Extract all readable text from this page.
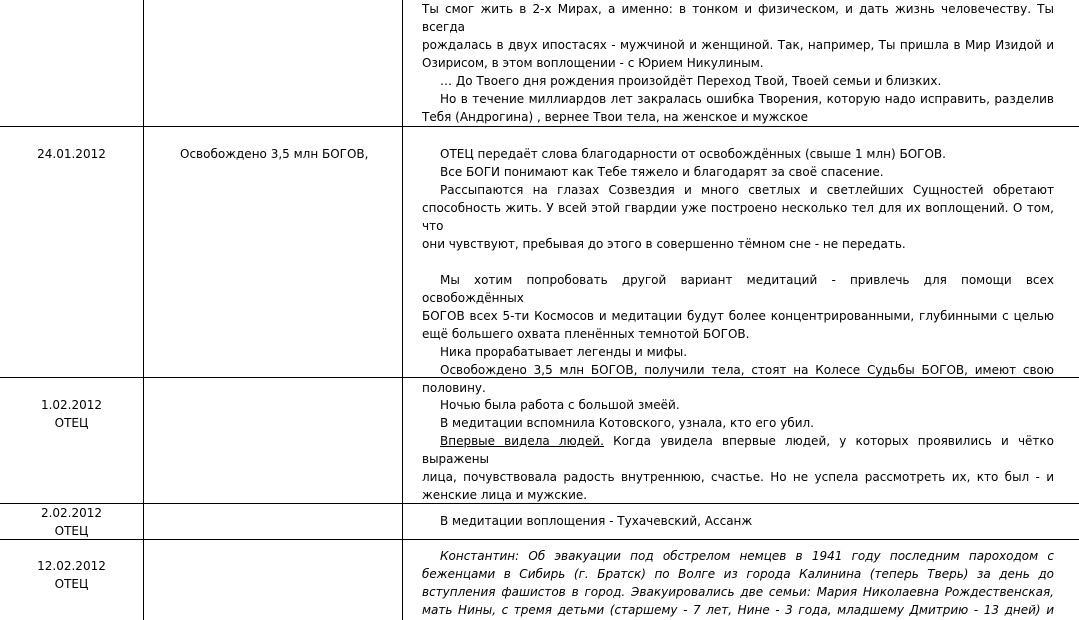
Ты смог жить в 2-х Мирах, а именно: в тонком и физическом, и дать жизнь человечеству. Ты всегда

рождалась в двух ипостасях - мужчиной и женщиной. Так, например, Ты пришла в Мир Изидой и

Озирисом, в этом воплощении - с Юрием Никулиным.

… До Твоего дня рождения произойдёт Переход Твой, Твоей семьи и близких.

Но в течение миллиардов лет закралась ошибка Творения, которую надо исправить, разделив

Тебя (Андрогина) , вернее Твои тела, на женское и мужское

24.01.2012	Освобождено 3,5 млн БОГОВ,	ОТЕЦ передаёт слова благодарности от освобождённых (свыше 1 млн) БОГОВ.

Все БОГИ понимают как Тебе тяжело и благодарят за своё спасение.

Рассыпаются на глазах Созвездия и много светлых и светлейших Сущностей обретают

способность жить. У всей этой гвардии уже построено несколько тел для их воплощений. О том, что

они чувствуют, пребывая до этого в совершенно тёмном сне - не передать.

Мы хотим попробовать другой вариант медитаций - привлечь для помощи всех освобождённых

БОГОВ всех 5-ти Космосов и медитации будут более концентрированными, глубинными с целью

ещё большего охвата пленённых темнотой БОГОВ.

Ника прорабатывает легенды и мифы.

Освобождено 3,5 млн БОГОВ, получили тела, стоят на Колесе Судьбы БОГОВ, имеют свою

половину.

1.02.2012
ОТЕЦ

Ночью была работа с большой змеёй.

В медитации вспомнила Котовского, узнала, кто его убил.

Впервые видела людей. Когда увидела впервые людей, у которых проявились и чётко выражены

лица, почувствовала радость внутреннюю, счастье. Но не успела рассмотреть их, кто был - и

женские лица и мужские.

2.02.2012
ОТЕЦ

В медитации воплощения - Тухачевский, Ассанж

12.02.2012
ОТЕЦ

Константин: Об эвакуации под обстрелом немцев в 1941 году последним пароходом с

беженцами в Сибирь (г. Братск) по Волге из города Калинина (теперь Тверь) за день до

вступления фашистов в город. Эвакуировались две семьи: Мария Николаевна Рождественская,

мать Нины, с тремя детьми (старшему - 7 лет, Нине - 3 года, младшему Дмитрию - 13 дней) и
